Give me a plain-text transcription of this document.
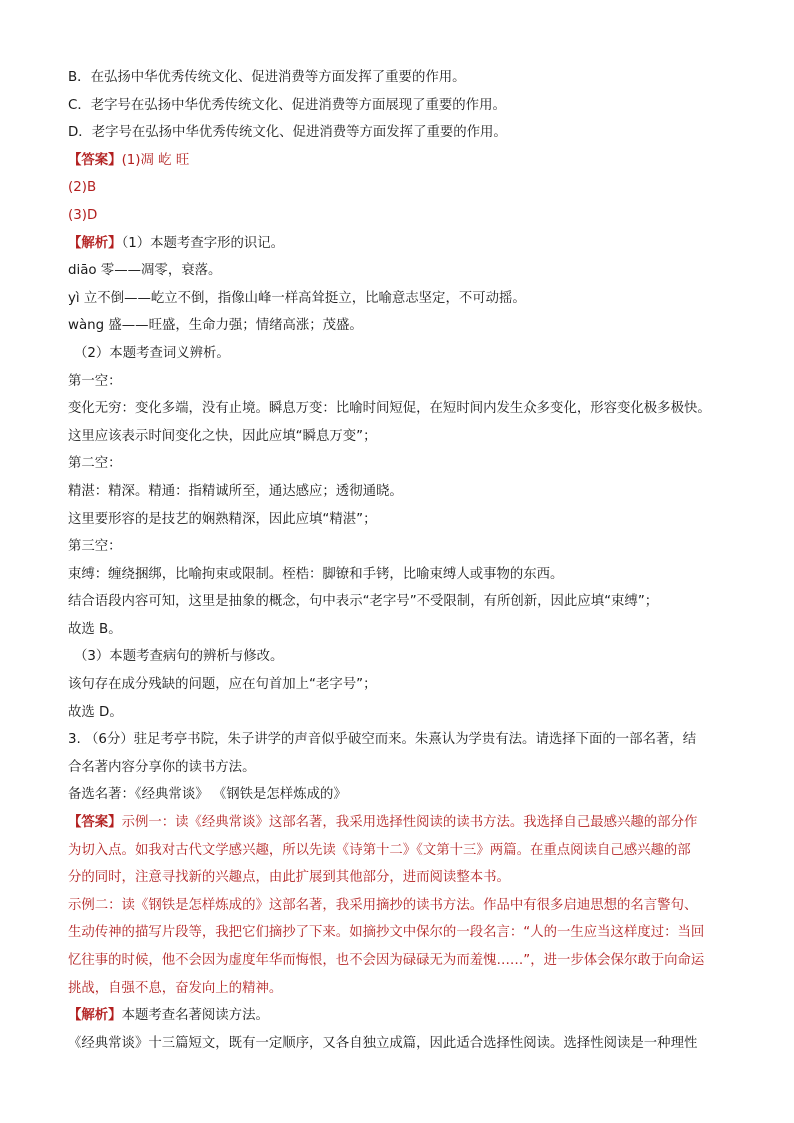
B．在弘扬中华优秀传统文化、促进消费等方面发挥了重要的作用。
C．老字号在弘扬中华优秀传统文化、促进消费等方面展现了重要的作用。
D．老字号在弘扬中华优秀传统文化、促进消费等方面发挥了重要的作用。
【答案】(1)凋 屹 旺
(2)B
(3)D
【解析】（1）本题考查字形的识记。
diāo 零——凋零，衰落。
yì 立不倒——屹立不倒，指像山峰一样高耸挺立，比喻意志坚定，不可动摇。
wàng 盛——旺盛，生命力强；情绪高涨；茂盛。
（2）本题考查词义辨析。
第一空：
变化无穷：变化多端，没有止境。瞬息万变：比喻时间短促，在短时间内发生众多变化，形容变化极多极快。
这里应该表示时间变化之快，因此应填“瞬息万变”；
第二空：
精湛：精深。精通：指精诚所至，通达感应；透彻通晓。
这里要形容的是技艺的娴熟精深，因此应填“精湛”；
第三空：
束缚：缠绕捆绑，比喻拘束或限制。桎梏：脚镣和手铐，比喻束缚人或事物的东西。
结合语段内容可知，这里是抽象的概念，句中表示“老字号”不受限制，有所创新，因此应填“束缚”；
故选 B。
（3）本题考查病句的辨析与修改。
该句存在成分残缺的问题，应在句首加上“老字号”；
故选 D。
3. （6分）驻足考亭书院，朱子讲学的声音似乎破空而来。朱熹认为学贵有法。请选择下面的一部名著，结
合名著内容分享你的读书方法。
备选名著：《经典常谈》 《钢铁是怎样炼成的》
【答案】示例一：读《经典常谈》这部名著，我采用选择性阅读的读书方法。我选择自己最感兴趣的部分作
为切入点。如我对古代文学感兴趣，所以先读《诗第十二》《文第十三》两篇。在重点阅读自己感兴趣的部
分的同时，注意寻找新的兴趣点，由此扩展到其他部分，进而阅读整本书。
示例二：读《钢铁是怎样炼成的》这部名著，我采用摘抄的读书方法。作品中有很多启迪思想的名言警句、
生动传神的描写片段等，我把它们摘抄了下来。如摘抄文中保尔的一段名言：“人的一生应当这样度过：当回
忆往事的时候，他不会因为虚度年华而悔恨，也不会因为碌碌无为而羞愧……”，进一步体会保尔敢于向命运
挑战，自强不息，奋发向上的精神。
【解析】本题考查名著阅读方法。
《经典常谈》十三篇短文，既有一定顺序，又各自独立成篇，因此适合选择性阅读。选择性阅读是一种理性
